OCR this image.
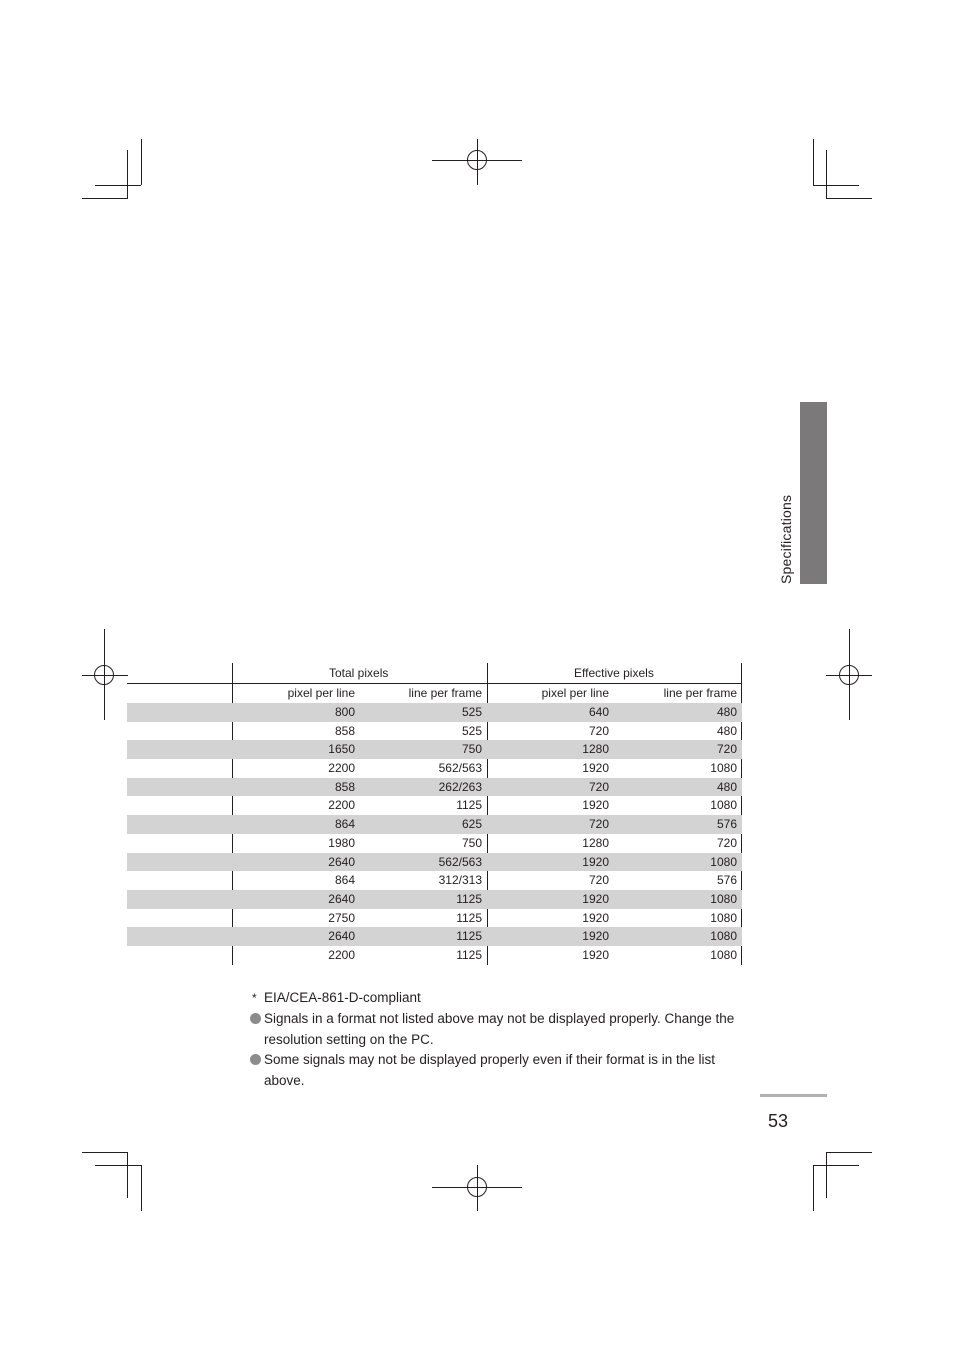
Specifications
Total pixels	Effective pixels
pixel per line	line per frame	pixel per line	line per frame
800	525	640	480
858	525	720	480
1650	750	1280	720
2200	562/563	1920	1080
858	262/263	720	480
2200	1125	1920	1080
864	625	720	576
1980	750	1280	720
2640	562/563	1920	1080
864	312/313	720	576
2640	1125	1920	1080
2750	1125	1920	1080
2640	1125	1920	1080
2200	1125	1920	1080
* EIA/CEA-861-D-compliant
Signals in a format not listed above may not be displayed properly. Change the resolution setting on the PC.
Some signals may not be displayed properly even if their format is in the list above.
53
